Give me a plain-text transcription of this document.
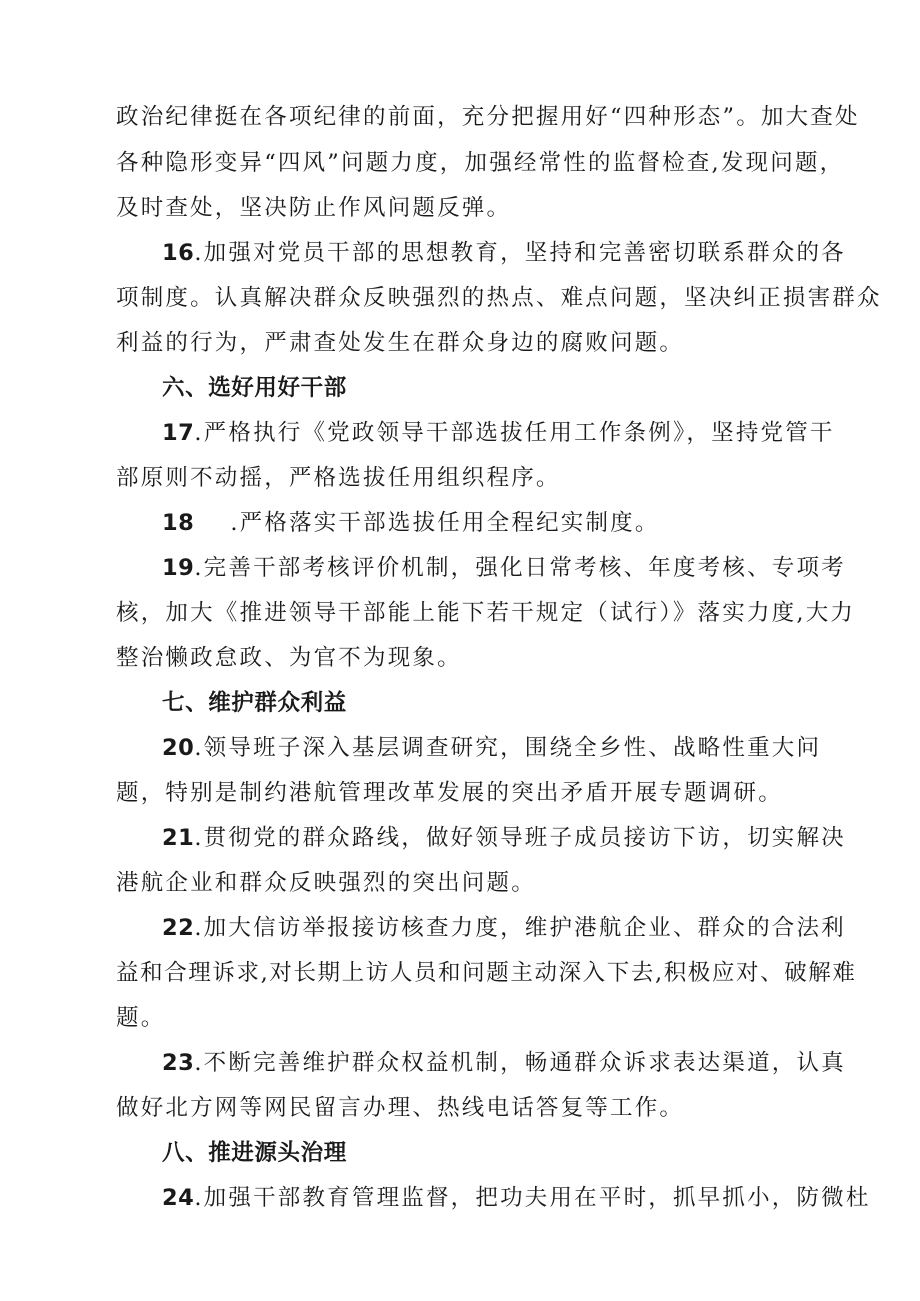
政治纪律挺在各项纪律的前面，充分把握用好“四种形态”。加大查处
各种隐形变异“四风”问题力度，加强经常性的监督检查,发现问题，
及时查处，坚决防止作风问题反弹。
16.加强对党员干部的思想教育，坚持和完善密切联系群众的各
项制度。认真解决群众反映强烈的热点、难点问题，坚决纠正损害群众
利益的行为，严肃查处发生在群众身边的腐败问题。
六、选好用好干部
17.严格执行《党政领导干部选拔任用工作条例》，坚持党管干
部原则不动摇，严格选拔任用组织程序。
18 .严格落实干部选拔任用全程纪实制度。
19.完善干部考核评价机制，强化日常考核、年度考核、专项考
核，加大《推进领导干部能上能下若干规定（试行）》落实力度,大力
整治懒政怠政、为官不为现象。
七、维护群众利益
20.领导班子深入基层调查研究，围绕全乡性、战略性重大问
题，特别是制约港航管理改革发展的突出矛盾开展专题调研。
21.贯彻党的群众路线，做好领导班子成员接访下访，切实解决
港航企业和群众反映强烈的突出问题。
22.加大信访举报接访核查力度，维护港航企业、群众的合法利
益和合理诉求,对长期上访人员和问题主动深入下去,积极应对、破解难
题。
23.不断完善维护群众权益机制，畅通群众诉求表达渠道，认真
做好北方网等网民留言办理、热线电话答复等工作。
八、推进源头治理
24.加强干部教育管理监督，把功夫用在平时，抓早抓小，防微杜
